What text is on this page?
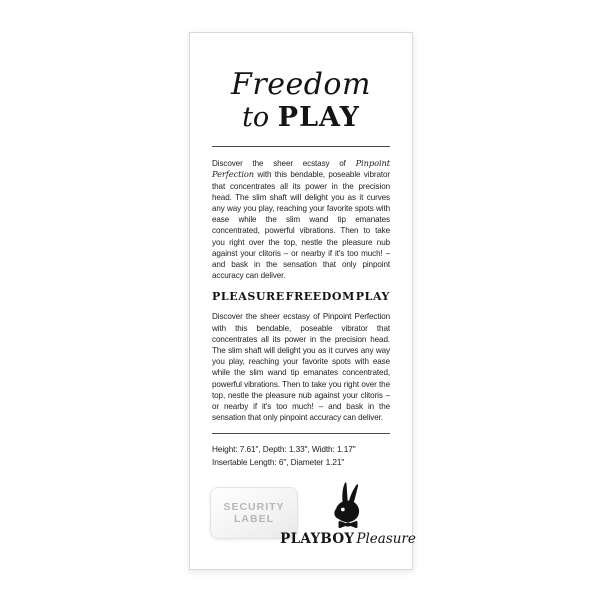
Freedom
to PLAY

Discover the sheer ecstasy of Pinpoint Perfection with this bendable, poseable vibrator that concentrates all its power in the precision head. The slim shaft will delight you as it curves any way you play, reaching your favorite spots with ease while the slim wand tip emanates concentrated, powerful vibrations. Then to take you right over the top, nestle the pleasure nub against your clitoris – or nearby if it's too much! – and bask in the sensation that only pinpoint accuracy can deliver.

PLEASURE FREEDOM PLAY

Discover the sheer ecstasy of Pinpoint Perfection with this bendable, poseable vibrator that concentrates all its power in the precision head. The slim shaft will delight you as it curves any way you play, reaching your favorite spots with ease while the slim wand tip emanates concentrated, powerful vibrations. Then to take you right over the top, nestle the pleasure nub against your clitoris – or nearby if it's too much! – and bask in the sensation that only pinpoint accuracy can deliver.

Height: 7.61", Depth: 1.33", Width: 1.17"
Insertable Length: 6", Diameter 1.21"
SECURITY LABEL
PLAYBOY Pleasure
